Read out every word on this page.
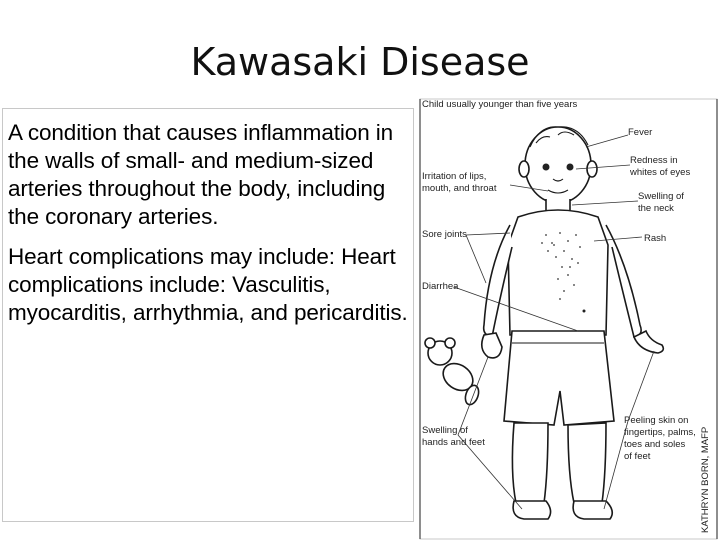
Kawasaki Disease

A condition that causes inflammation in the walls of small- and medium-sized arteries throughout the body, including the coronary arteries.

Heart complications may include: Heart complications include: Vasculitis, myocarditis, arrhythmia, and pericarditis.

Child usually younger than five years
Fever
Redness in
whites of eyes
Swelling of
the neck
Rash
Irritation of lips,
mouth, and throat
Sore joints
Diarrhea
Swelling of
hands and feet
Peeling skin on
fingertips, palms,
toes and soles
of feet	KATHRYN BORN, MAFP
